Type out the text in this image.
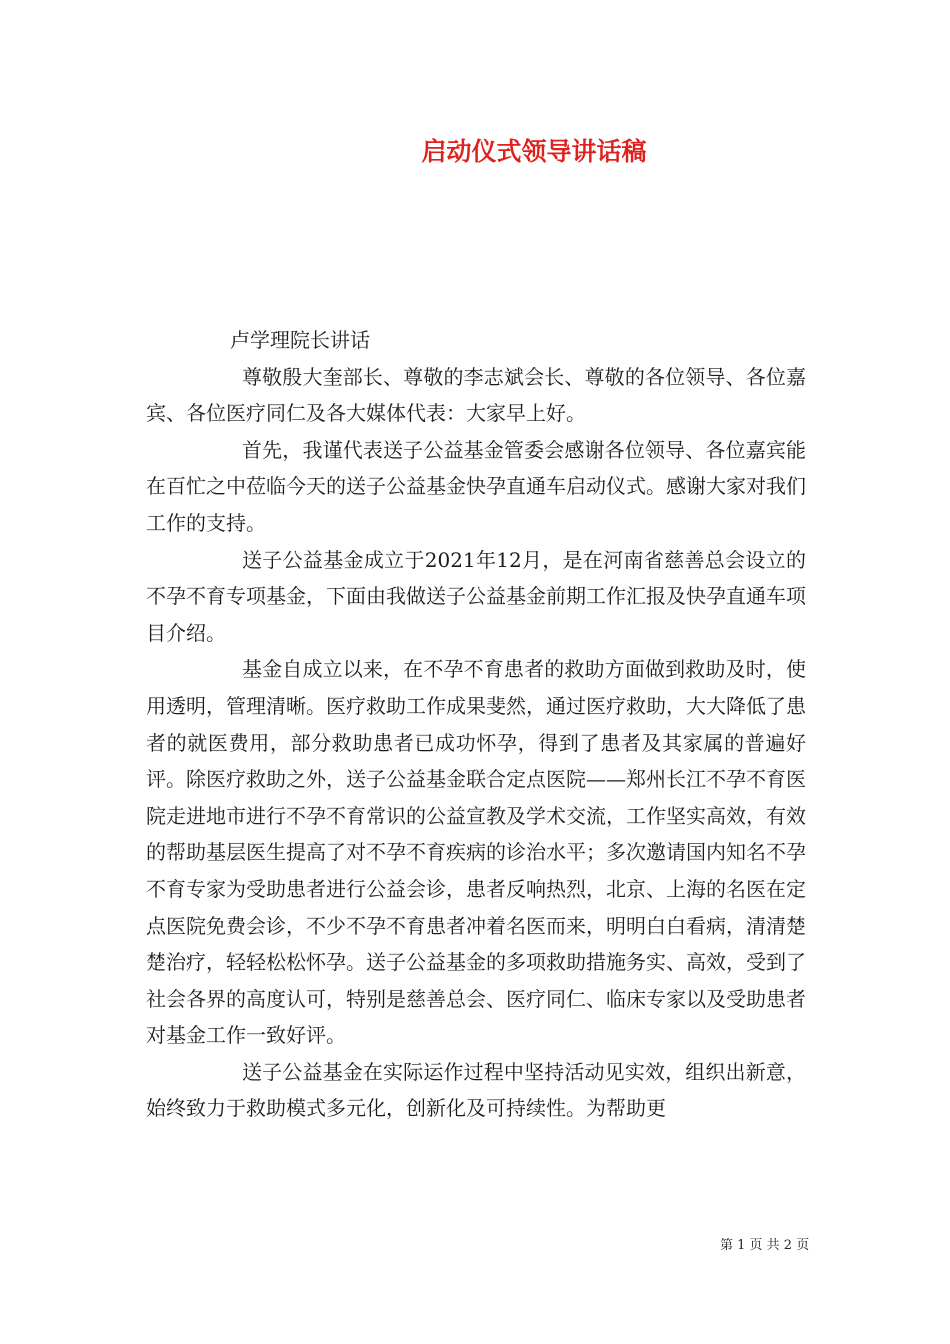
启动仪式领导讲话稿

卢学理院长讲话

尊敬殷大奎部长、尊敬的李志斌会长、尊敬的各位领导、各位嘉宾、各位医疗同仁及各大媒体代表：大家早上好。

首先，我谨代表送子公益基金管委会感谢各位领导、各位嘉宾能在百忙之中莅临今天的送子公益基金快孕直通车启动仪式。感谢大家对我们工作的支持。

送子公益基金成立于2021年12月，是在河南省慈善总会设立的不孕不育专项基金，下面由我做送子公益基金前期工作汇报及快孕直通车项目介绍。

基金自成立以来，在不孕不育患者的救助方面做到救助及时，使用透明，管理清晰。医疗救助工作成果斐然，通过医疗救助，大大降低了患者的就医费用，部分救助患者已成功怀孕，得到了患者及其家属的普遍好评。除医疗救助之外，送子公益基金联合定点医院——郑州长江不孕不育医院走进地市进行不孕不育常识的公益宣教及学术交流，工作坚实高效，有效的帮助基层医生提高了对不孕不育疾病的诊治水平；多次邀请国内知名不孕不育专家为受助患者进行公益会诊，患者反响热烈，北京、上海的名医在定点医院免费会诊，不少不孕不育患者冲着名医而来，明明白白看病，清清楚楚治疗，轻轻松松怀孕。送子公益基金的多项救助措施务实、高效，受到了社会各界的高度认可，特别是慈善总会、医疗同仁、临床专家以及受助患者对基金工作一致好评。

送子公益基金在实际运作过程中坚持活动见实效，组织出新意，始终致力于救助模式多元化，创新化及可持续性。为帮助更

第 1 页 共 2 页
